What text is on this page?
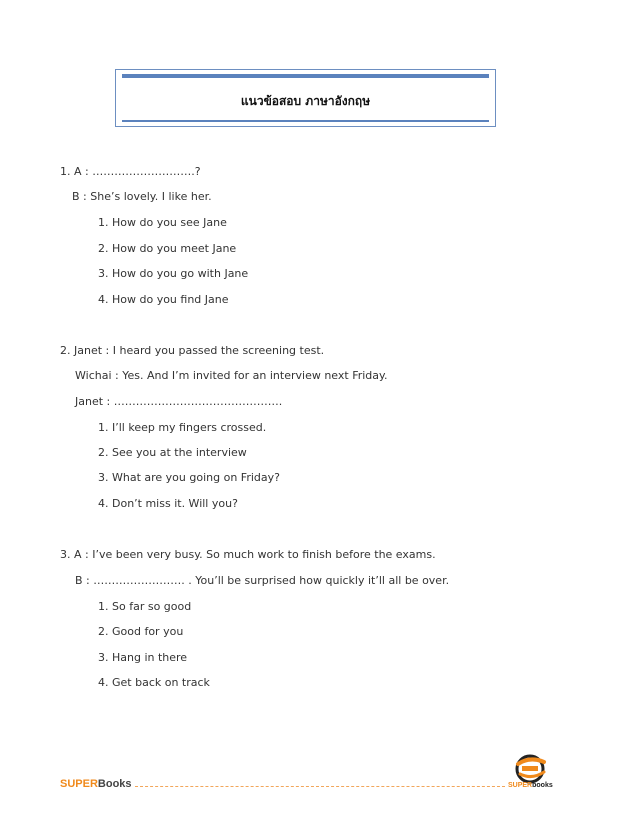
แนวข้อสอบ ภาษาอังกฤษ
1. A : ……………………….?
B : She’s lovely. I like her.
1. How do you see Jane
2. How do you meet Jane
3. How do you go with Jane
4. How do you find Jane
2. Janet : I heard you passed the screening test.
Wichai : Yes. And I’m invited for an interview next Friday.
Janet : ……………………………………….
1. I’ll keep my fingers crossed.
2. See you at the interview
3. What are you going on Friday?
4. Don’t miss it. Will you?
3. A : I’ve been very busy. So much work to finish before the exams.
B : ……………………. . You’ll be surprised how quickly it’ll all be over.
1. So far so good
2. Good for you
3. Hang in there
4. Get back on track
SUPERBooks	SUPERbooks
